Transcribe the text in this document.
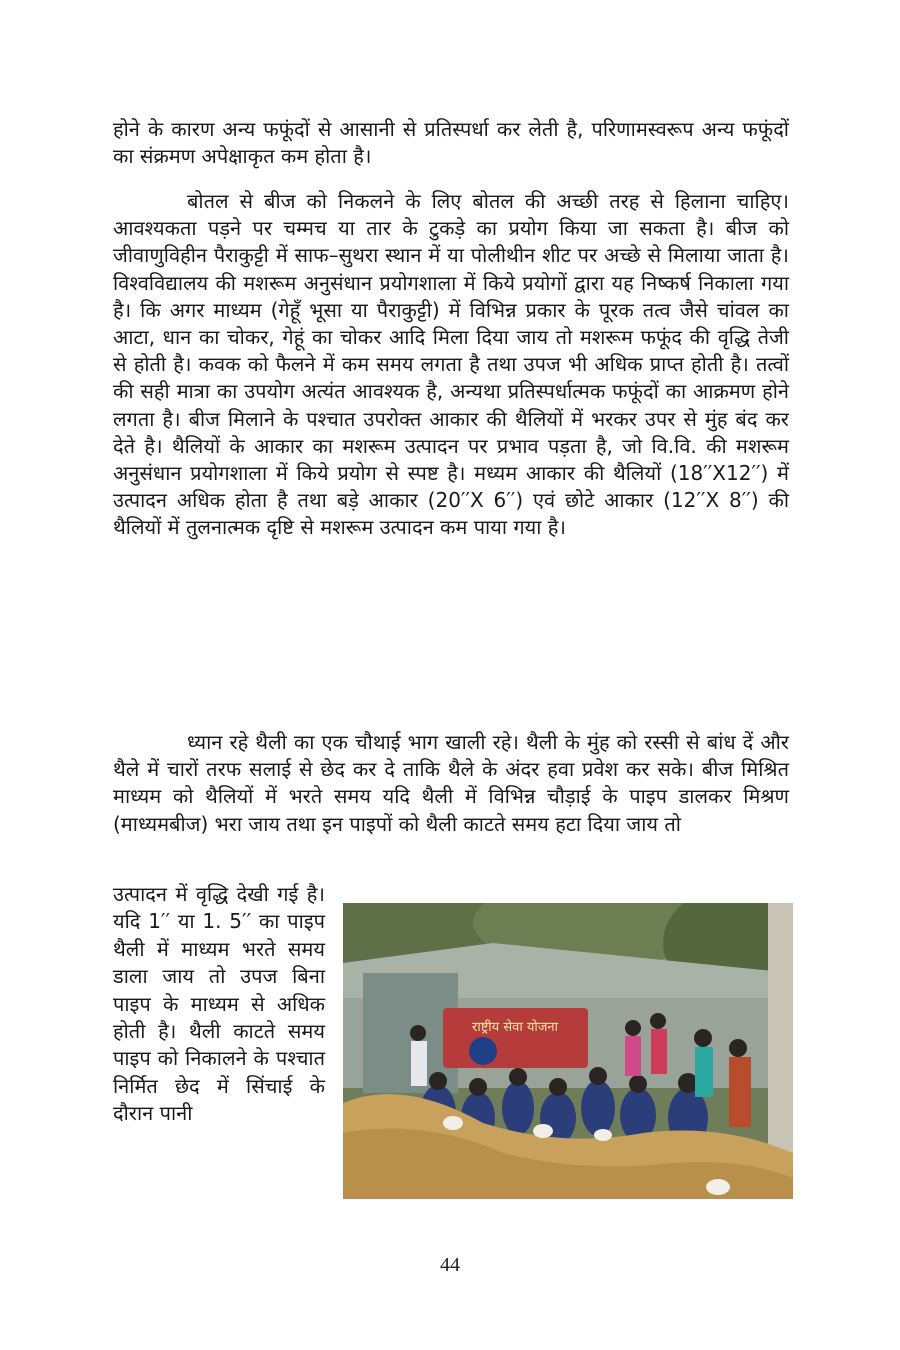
होने के कारण अन्य फफूंदों से आसानी से प्रतिस्पर्धा कर लेती है, परिणामस्वरूप अन्य फफूंदों का संक्रमण अपेक्षाकृत कम होता है।

बोतल से बीज को निकलने के लिए बोतल की अच्छी तरह से हिलाना चाहिए। आवश्यकता पड़ने पर चम्मच या तार के टुकड़े का प्रयोग किया जा सकता है। बीज को जीवाणुविहीन पैराकुट्टी में साफ–सुथरा स्थान में या पोलीथीन शीट पर अच्छे से मिलाया जाता है। विश्वविद्यालय की मशरूम अनुसंधान प्रयोगशाला में किये प्रयोगों द्वारा यह निष्कर्ष निकाला गया है। कि अगर माध्यम (गेहूँ भूसा या पैराकुट्टी) में विभिन्न प्रकार के पूरक तत्व जैसे चांवल का आटा, धान का चोकर, गेहूं का चोकर आदि मिला दिया जाय तो मशरूम फफूंद की वृद्धि तेजी से होती है। कवक को फैलने में कम समय लगता है तथा उपज भी अधिक प्राप्त होती है। तत्वों की सही मात्रा का उपयोग अत्यंत आवश्यक है, अन्यथा प्रतिस्पर्धात्मक फफूंदों का आक्रमण होने लगता है। बीज मिलाने के पश्चात उपरोक्त आकार की थैलियों में भरकर उपर से मुंह बंद कर देते है। थैलियों के आकार का मशरूम उत्पादन पर प्रभाव पड़ता है, जो वि.वि. की मशरूम अनुसंधान प्रयोगशाला में किये प्रयोग से स्पष्ट है। मध्यम आकार की थैलियों (18′′X12′′) में उत्पादन अधिक होता है तथा बड़े आकार (20′′X 6′′) एवं छोटे आकार (12′′X 8′′) की थैलियों में तुलनात्मक दृष्टि से मशरूम उत्पादन कम पाया गया है।

ध्यान रहे थैली का एक चौथाई भाग खाली रहे। थैली के मुंह को रस्सी से बांध दें और थैले में चारों तरफ सलाई से छेद कर दे ताकि थैले के अंदर हवा प्रवेश कर सके। बीज मिश्रित माध्यम को थैलियों में भरते समय यदि थैली में विभिन्न चौड़ाई के पाइप डालकर मिश्रण (माध्यमबीज) भरा जाय तथा इन पाइपों को थैली काटते समय हटा दिया जाय तो

उत्पादन में वृद्धि देखी गई है। यदि 1′′ या 1. 5′′ का पाइप थैली में माध्यम भरते समय डाला जाय तो उपज बिना पाइप के माध्यम से अधिक होती है। थैली काटते समय पाइप को निकालने के पश्चात निर्मित छेद में सिंचाई के दौरान पानी

राष्ट्रीय सेवा योजना
44
